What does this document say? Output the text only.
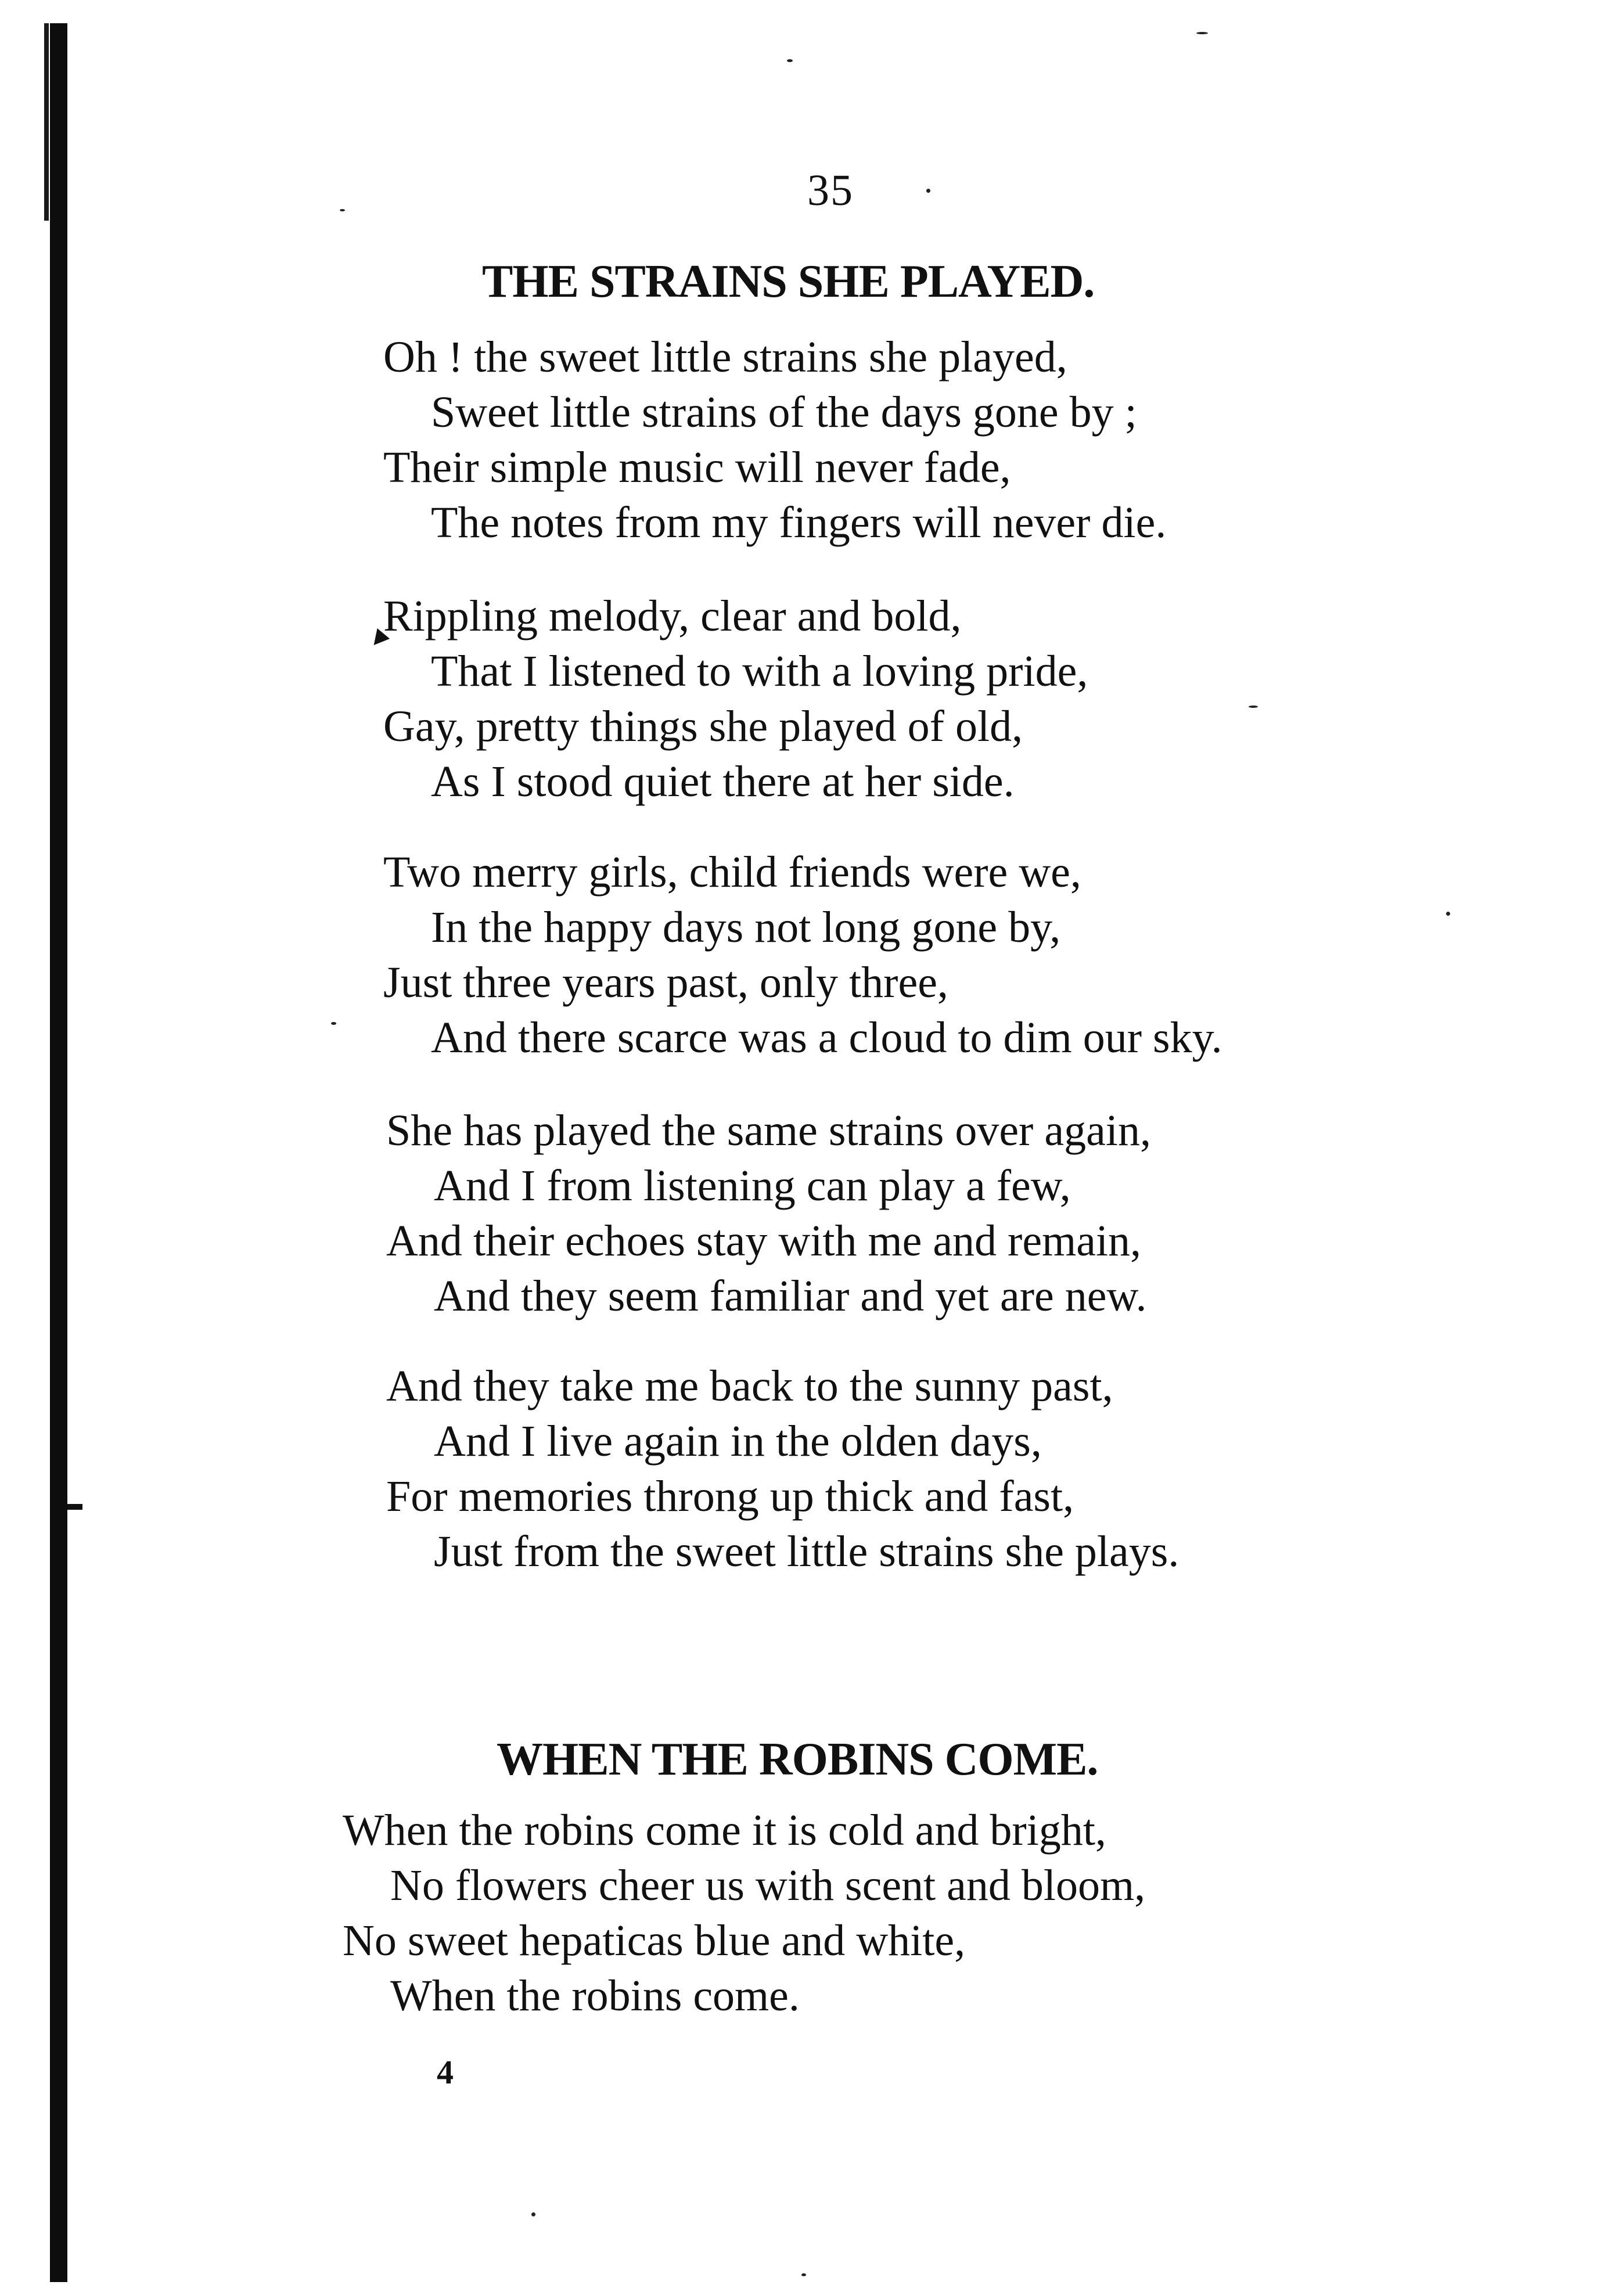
35
THE STRAINS SHE PLAYED.
Oh ! the sweet little strains she played,
Sweet little strains of the days gone by ;
Their simple music will never fade,
The notes from my fingers will never die.
Rippling melody, clear and bold,
That I listened to with a loving pride,
Gay, pretty things she played of old,
As I stood quiet there at her side.
Two merry girls, child friends were we,
In the happy days not long gone by,
Just three years past, only three,
And there scarce was a cloud to dim our sky.
She has played the same strains over again,
And I from listening can play a few,
And their echoes stay with me and remain,
And they seem familiar and yet are new.
And they take me back to the sunny past,
And I live again in the olden days,
For memories throng up thick and fast,
Just from the sweet little strains she plays.
WHEN THE ROBINS COME.
When the robins come it is cold and bright,
No flowers cheer us with scent and bloom,
No sweet hepaticas blue and white,
When the robins come.
4
